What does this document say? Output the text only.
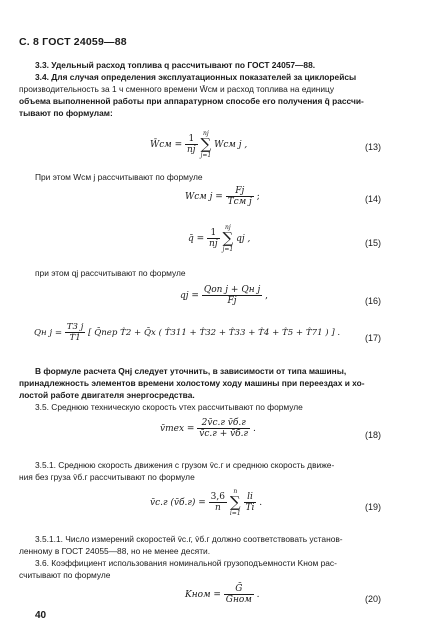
С. 8 ГОСТ 24059—88
3.3. Удельный расход топлива q рассчитывают по ГОСТ 24057—88.
3.4. Для случая определения эксплуатационных показателей за циклорейсы
производительность за 1 ч сменного времени W̄см и расход топлива на единицу
объема выполненной работы при аппаратурном способе его получения q̄ рассчи-
тывают по формулам:
W̄см = $\frac{1}{nj}$

nj
∑
j=1
Wсм j ,	(13)
При этом Wсм j рассчитывают по формуле
Wсм $j = \frac{Fj}{\text{Tсм j}}$ ;	(14)
q̄ = $\frac{1}{nj}$

nj
∑
j=1
qj ,	(15)
при этом qj рассчитывают по формуле
qj = $\frac{\text{Qоп j + Qн j}}{Fj}$ ,	(16)
Qн $j = \frac{T3 j}{T̂1}$ [ Q̄пер T̂2 + Q̄х ( T̂311 + T̂32 + T̂33 + T̂4 + T̂5 + T̂71 ) ] .	(17)
В формуле расчета Qнj следует уточнить, в зависимости от типа машины,
принадлежность элементов времени холостому ходу машины при переездах и хо-
лостой работе двигателя энергосредства.
3.5. Среднюю техническую скорость vтех рассчитывают по формуле
v̄тех = $\frac{\text{2v̄с.г v̄б.г}}{v̄с.г + v̄б.г}$ .
(18)
3.5.1. Среднюю скорость движения с грузом v̄с.г и среднюю скорость движе-
ния без груза v̄б.г рассчитывают по формуле
v̄с.г (v̄б.г) = $\frac{3,6}{n}$

n
∑
i=1

$\frac{li}{Ti}$ .	(19)
3.5.1.1. Число измерений скоростей v̄с.г, v̄б.г должно соответствовать установ-
ленному в ГОСТ 24055—88, но не менее десяти.
3.6. Коэффициент использования номинальной грузоподъемности Kном рас-
считывают по формуле
Kном = $\frac{\text{Ḡ}}{\text{Gном}}$ .	(20)
40
